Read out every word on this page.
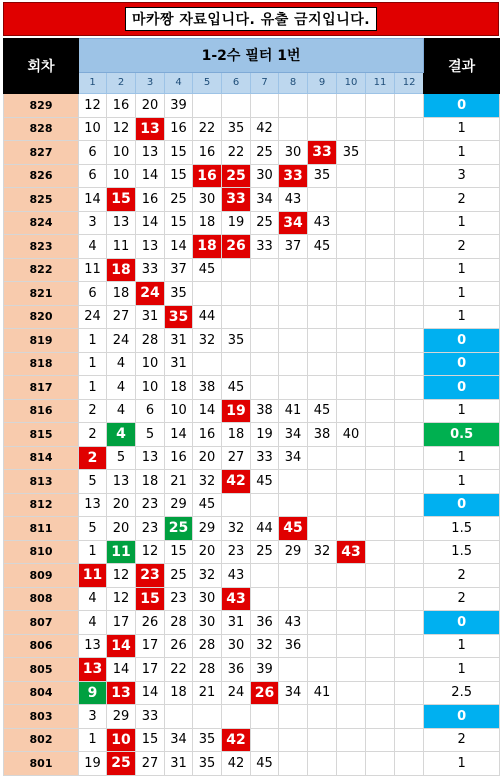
마카짱 자료입니다. 유출 금지입니다.
회차	1-2수 필터 1번												결과
	1	2	3	4	5	6	7	8	9	10	11	12	
829	12	16	20	39									0
828	10	12	13	16	22	35	42						1
827	6	10	13	15	16	22	25	30	33	35			1
826	6	10	14	15	16	25	30	33	35				3
825	14	15	16	25	30	33	34	43					2
824	3	13	14	15	18	19	25	34	43				1
823	4	11	13	14	18	26	33	37	45				2
822	11	18	33	37	45								1
821	6	18	24	35									1
820	24	27	31	35	44								1
819	1	24	28	31	32	35							0
818	1	4	10	31									0
817	1	4	10	18	38	45							0
816	2	4	6	10	14	19	38	41	45				1
815	2	4	5	14	16	18	19	34	38	40			0.5
814	2	5	13	16	20	27	33	34					1
813	5	13	18	21	32	42	45						1
812	13	20	23	29	45								0
811	5	20	23	25	29	32	44	45					1.5
810	1	11	12	15	20	23	25	29	32	43			1.5
809	11	12	23	25	32	43							2
808	4	12	15	23	30	43							2
807	4	17	26	28	30	31	36	43					0
806	13	14	17	26	28	30	32	36					1
805	13	14	17	22	28	36	39						1
804	9	13	14	18	21	24	26	34	41				2.5
803	3	29	33										0
802	1	10	15	34	35	42							2
801	19	25	27	31	35	42	45						1
